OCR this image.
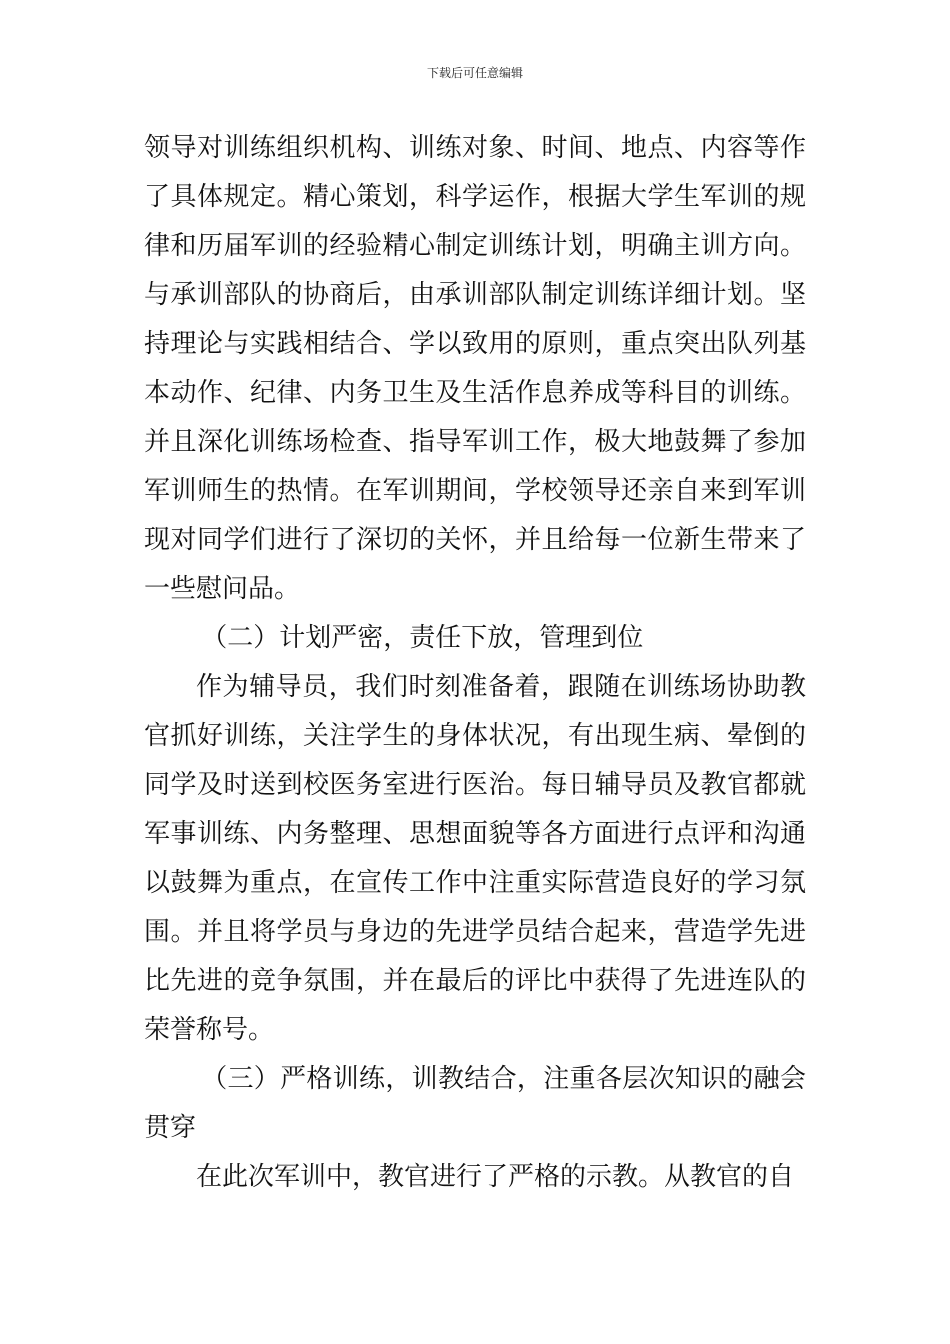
下载后可任意编辑

领导对训练组织机构、训练对象、时间、地点、内容等作了具体规定。精心策划，科学运作，根据大学生军训的规律和历届军训的经验精心制定训练计划，明确主训方向。与承训部队的协商后，由承训部队制定训练详细计划。坚持理论与实践相结合、学以致用的原则，重点突出队列基本动作、纪律、内务卫生及生活作息养成等科目的训练。并且深化训练场检查、指导军训工作，极大地鼓舞了参加军训师生的热情。在军训期间，学校领导还亲自来到军训现对同学们进行了深切的关怀，并且给每一位新生带来了一些慰问品。

（二）计划严密，责任下放，管理到位

作为辅导员，我们时刻准备着，跟随在训练场协助教官抓好训练，关注学生的身体状况，有出现生病、晕倒的同学及时送到校医务室进行医治。每日辅导员及教官都就军事训练、内务整理、思想面貌等各方面进行点评和沟通以鼓舞为重点，在宣传工作中注重实际营造良好的学习氛围。并且将学员与身边的先进学员结合起来，营造学先进比先进的竞争氛围，并在最后的评比中获得了先进连队的荣誉称号。

（三）严格训练，训教结合，注重各层次知识的融会贯穿

在此次军训中，教官进行了严格的示教。从教官的自
